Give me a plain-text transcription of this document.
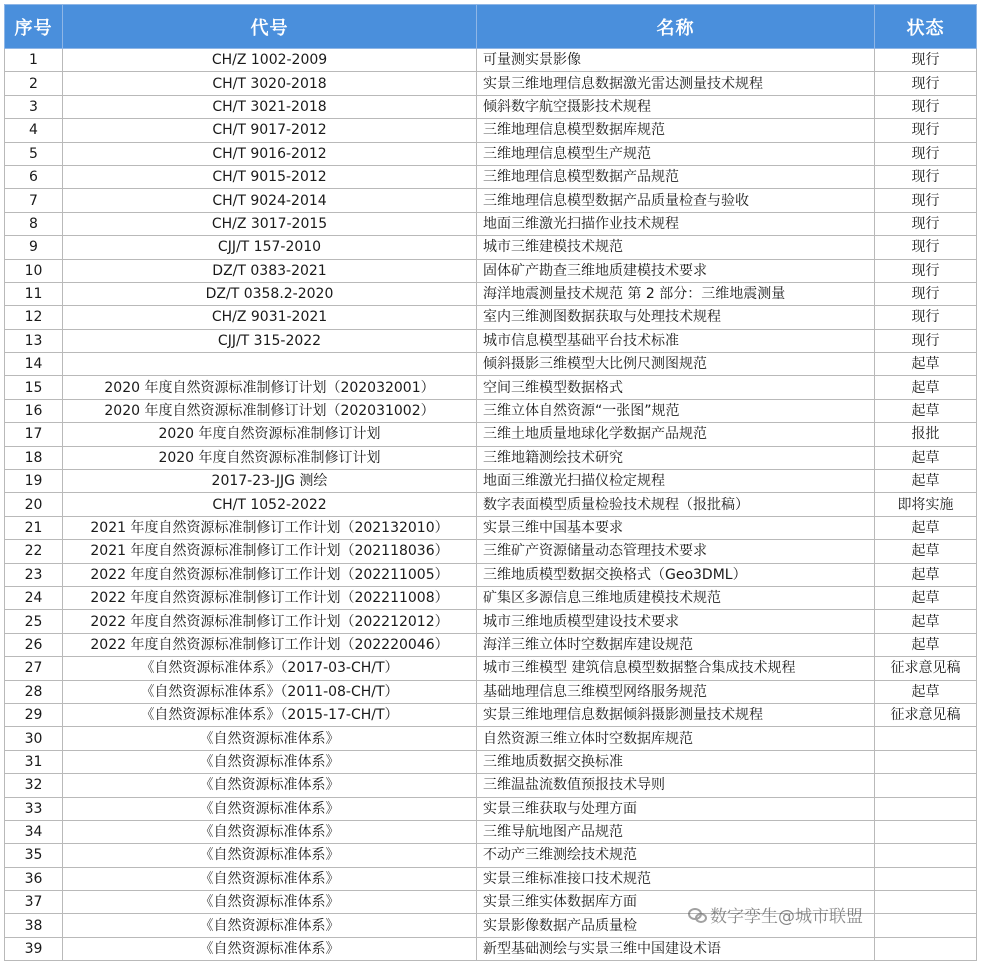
序号	代号	名称	状态
1	CH/Z 1002-2009	可量测实景影像	现行
2	CH/T 3020-2018	实景三维地理信息数据激光雷达测量技术规程	现行
3	CH/T 3021-2018	倾斜数字航空摄影技术规程	现行
4	CH/T 9017-2012	三维地理信息模型数据库规范	现行
5	CH/T 9016-2012	三维地理信息模型生产规范	现行
6	CH/T 9015-2012	三维地理信息模型数据产品规范	现行
7	CH/T 9024-2014	三维地理信息模型数据产品质量检查与验收	现行
8	CH/Z 3017-2015	地面三维激光扫描作业技术规程	现行
9	CJJ/T 157-2010	城市三维建模技术规范	现行
10	DZ/T 0383-2021	固体矿产勘查三维地质建模技术要求	现行
11	DZ/T 0358.2-2020	海洋地震测量技术规范 第 2 部分：三维地震测量	现行
12	CH/Z 9031-2021	室内三维测图数据获取与处理技术规程	现行
13	CJJ/T 315-2022	城市信息模型基础平台技术标准	现行
14		倾斜摄影三维模型大比例尺测图规范	起草
15	2020 年度自然资源标准制修订计划（202032001）	空间三维模型数据格式	起草
16	2020 年度自然资源标准制修订计划（202031002）	三维立体自然资源“一张图”规范	起草
17	2020 年度自然资源标准制修订计划	三维土地质量地球化学数据产品规范	报批
18	2020 年度自然资源标准制修订计划	三维地籍测绘技术研究	起草
19	2017-23-JJG 测绘	地面三维激光扫描仪检定规程	起草
20	CH/T 1052-2022	数字表面模型质量检验技术规程（报批稿）	即将实施
21	2021 年度自然资源标准制修订工作计划（202132010）	实景三维中国基本要求	起草
22	2021 年度自然资源标准制修订工作计划（202118036）	三维矿产资源储量动态管理技术要求	起草
23	2022 年度自然资源标准制修订工作计划（202211005）	三维地质模型数据交换格式（Geo3DML）	起草
24	2022 年度自然资源标准制修订工作计划（202211008）	矿集区多源信息三维地质建模技术规范	起草
25	2022 年度自然资源标准制修订工作计划（202212012）	城市三维地质模型建设技术要求	起草
26	2022 年度自然资源标准制修订工作计划（202220046）	海洋三维立体时空数据库建设规范	起草
27	《自然资源标准体系》（2017-03-CH/T）	城市三维模型 建筑信息模型数据整合集成技术规程	征求意见稿
28	《自然资源标准体系》（2011-08-CH/T）	基础地理信息三维模型网络服务规范	起草
29	《自然资源标准体系》（2015-17-CH/T）	实景三维地理信息数据倾斜摄影测量技术规程	征求意见稿
30	《自然资源标准体系》	自然资源三维立体时空数据库规范	
31	《自然资源标准体系》	三维地质数据交换标准	
32	《自然资源标准体系》	三维温盐流数值预报技术导则	
33	《自然资源标准体系》	实景三维获取与处理方面	
34	《自然资源标准体系》	三维导航地图产品规范	
35	《自然资源标准体系》	不动产三维测绘技术规范	
36	《自然资源标准体系》	实景三维标准接口技术规范	
37	《自然资源标准体系》	实景三维实体数据库方面	
38	《自然资源标准体系》	实景影像数据产品质量检	
39	《自然资源标准体系》	新型基础测绘与实景三维中国建设术语	
数字孪生@城市联盟
